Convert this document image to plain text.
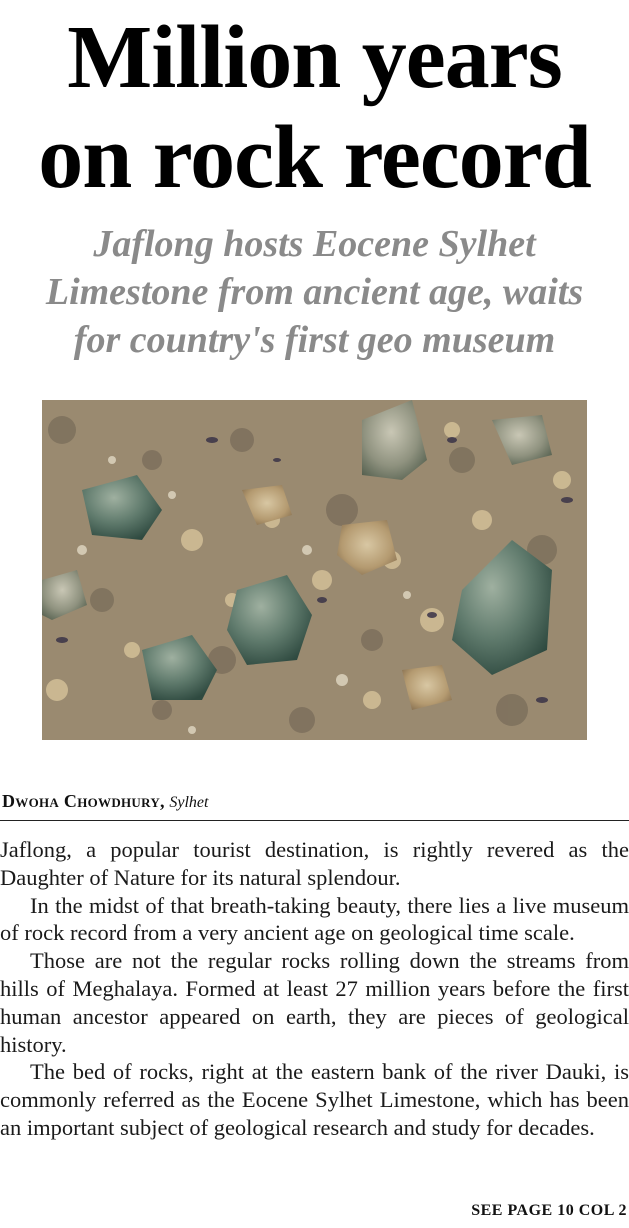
Million years
on rock record
Jaflong hosts Eocene Sylhet
Limestone from ancient age, waits
for country's first geo museum
Dwoha Chowdhury, Sylhet

Jaflong, a popular tourist destination, is rightly revered as the Daughter of Nature for its natural splendour.

In the midst of that breath-taking beauty, there lies a live museum of rock record from a very ancient age on geological time scale.

Those are not the regular rocks rolling down the streams from hills of Meghalaya. Formed at least 27 million years before the first human ancestor appeared on earth, they are pieces of geological history.

The bed of rocks, right at the eastern bank of the river Dauki, is commonly referred as the Eocene Sylhet Limestone, which has been an important subject of geological research and study for decades.

SEE PAGE 10 COL 2
